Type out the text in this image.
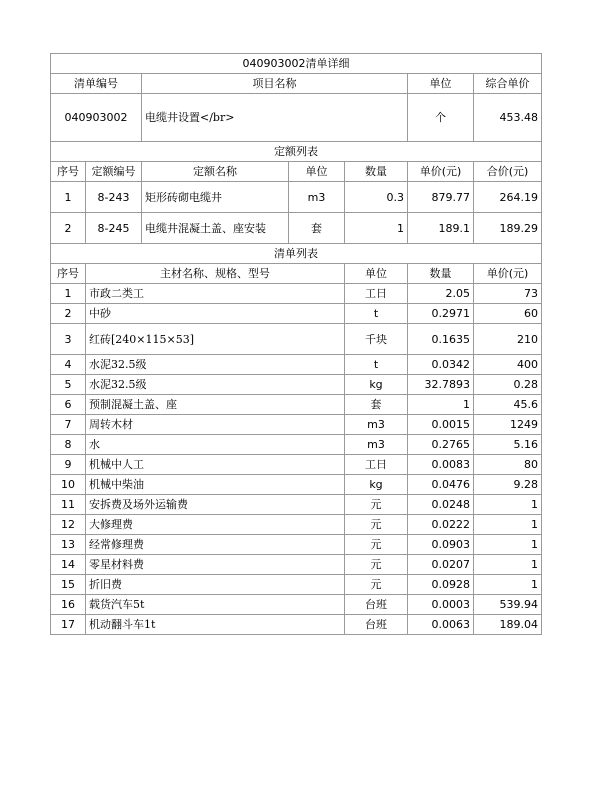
040903002清单详细							
清单编号		项目名称			单位	综合单价	
040903002		电缆井设置</br>			个	453.48	
定额列表							
序号	定额编号	定额名称	单位	数量	单价(元)	合价(元)	
1	8-243	矩形砖砌电缆井	m3	0.3	879.77	264.19	
2	8-245	电缆井混凝土盖、座安装	套	1	189.1	189.29	
清单列表							
序号	主材名称、规格、型号			单位	数量	单价(元)	
1	市政二类工			工日	2.05	73	
2	中砂			t	0.2971	60	
3	红砖[240×115×53]			千块	0.1635	210	
4	水泥32.5级			t	0.0342	400	
5	水泥32.5级			kg	32.7893	0.28	
6	预制混凝土盖、座			套	1	45.6	
7	周转木材			m3	0.0015	1249	
8	水			m3	0.2765	5.16	
9	机械中人工			工日	0.0083	80	
10	机械中柴油			kg	0.0476	9.28	
11	安拆费及场外运输费			元	0.0248	1	
12	大修理费			元	0.0222	1	
13	经常修理费			元	0.0903	1	
14	零星材料费			元	0.0207	1	
15	折旧费			元	0.0928	1	
16	载货汽车5t			台班	0.0003	539.94	
17	机动翻斗车1t			台班	0.0063	189.04	
